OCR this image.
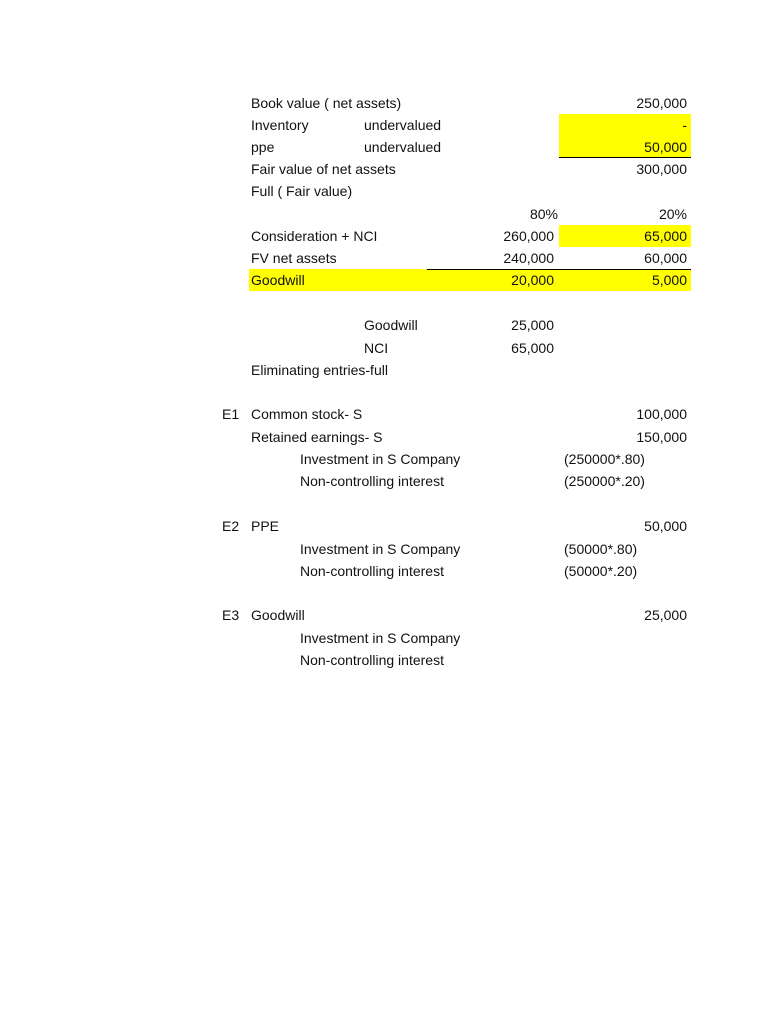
Book value ( net assets)	250,000
Inventory	undervalued	-
ppe	undervalued	50,000
Fair value of net assets	300,000
Full ( Fair value)
80%	20%
Consideration + NCI	260,000	65,000
FV net assets	240,000	60,000
Goodwill	20,000	5,000
Goodwill	25,000
NCI	65,000
Eliminating entries-full
E1 Common stock- S	100,000
Retained earnings- S	150,000
Investment in S Company	(250000*.80)
Non-controlling interest	(250000*.20)
E2 PPE	50,000
Investment in S Company	(50000*.80)
Non-controlling interest	(50000*.20)
E3 Goodwill	25,000
Investment in S Company
Non-controlling interest
